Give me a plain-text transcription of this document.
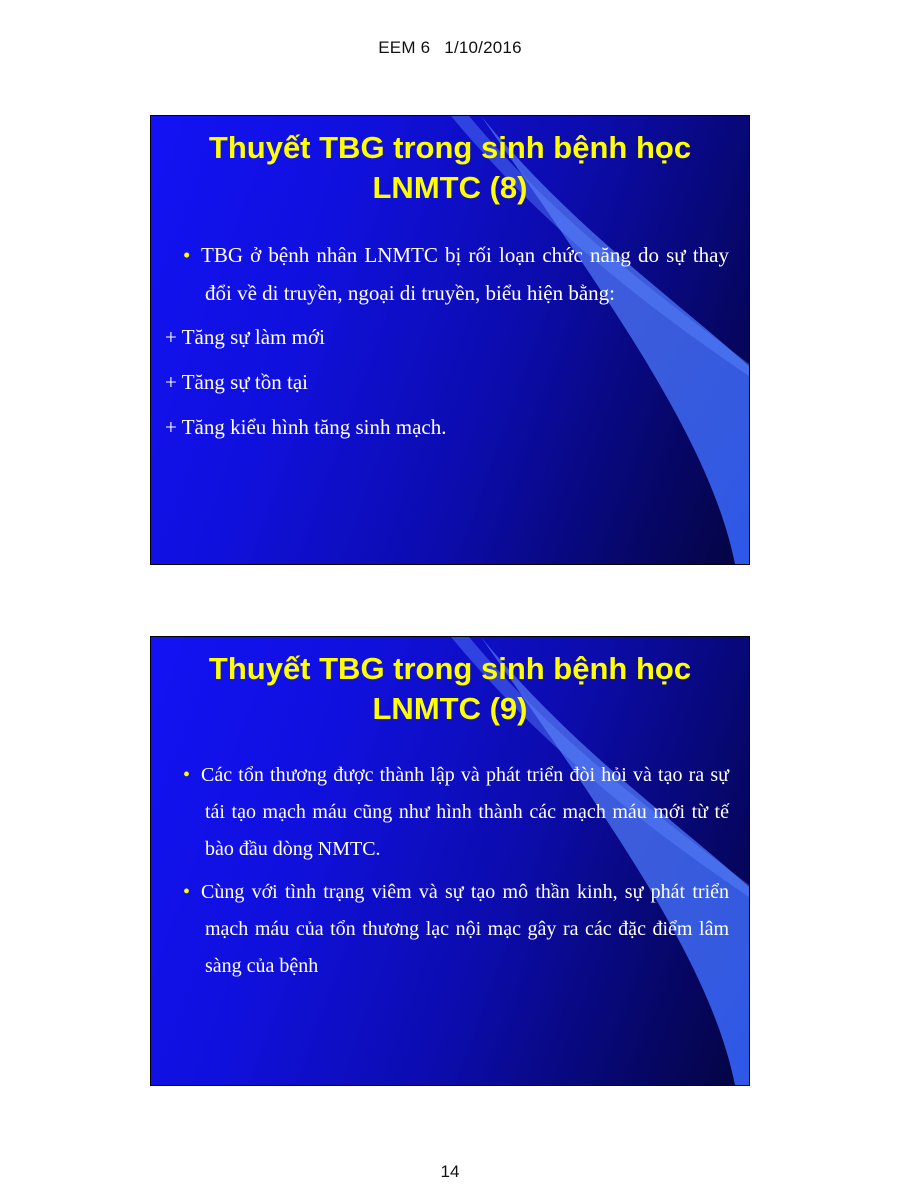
EEM 6 1/10/2016
Thuyết TBG trong sinh bệnh học
LNMTC (8)

• TBG ở bệnh nhân LNMTC bị rối loạn chức năng do sự thay đổi về di truyền, ngoại di truyền, biểu hiện bằng:

+ Tăng sự làm mới

+ Tăng sự tồn tại

+ Tăng kiểu hình tăng sinh mạch.

Thuyết TBG trong sinh bệnh học
LNMTC (9)

• Các tổn thương được thành lập và phát triển đòi hỏi và tạo ra sự tái tạo mạch máu cũng như hình thành các mạch máu mới từ tế bào đầu dòng NMTC.

• Cùng với tình trạng viêm và sự tạo mô thần kinh, sự phát triển mạch máu của tổn thương lạc nội mạc gây ra các đặc điểm lâm sàng của bệnh

14
